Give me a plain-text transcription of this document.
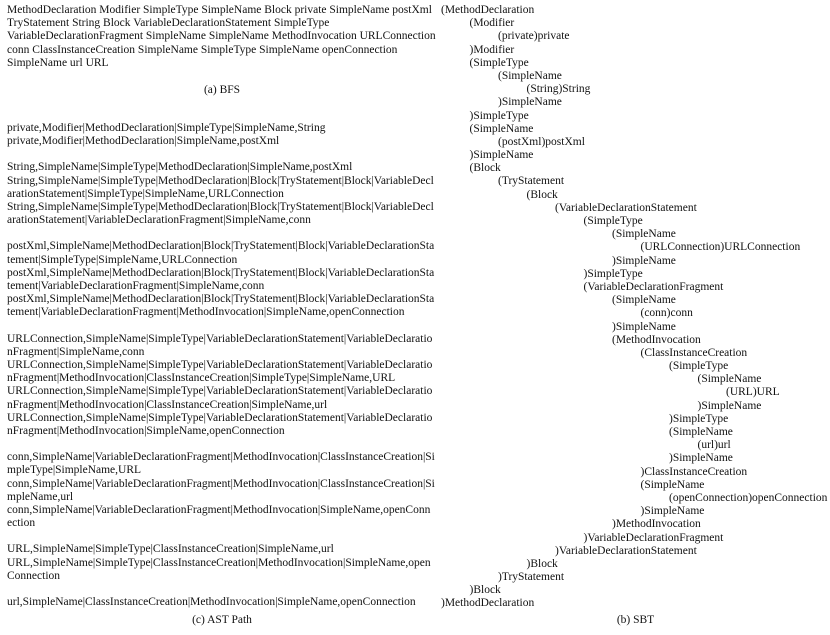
MethodDeclaration Modifier SimpleType SimpleName Block private SimpleName postXml TryStatement String Block VariableDeclarationStatement SimpleType VariableDeclarationFragment SimpleName SimpleName MethodInvocation URLConnection conn ClassInstanceCreation SimpleName SimpleType SimpleName openConnection SimpleName url URL
(a) BFS
private,Modifier|MethodDeclaration|SimpleType|SimpleName,String
private,Modifier|MethodDeclaration|SimpleName,postXml
String,SimpleName|SimpleType|MethodDeclaration|SimpleName,postXml
String,SimpleName|SimpleType|MethodDeclaration|Block|TryStatement|Block|VariableDeclarationStatement|SimpleType|SimpleName,URLConnection
String,SimpleName|SimpleType|MethodDeclaration|Block|TryStatement|Block|VariableDeclarationStatement|VariableDeclarationFragment|SimpleName,conn
postXml,SimpleName|MethodDeclaration|Block|TryStatement|Block|VariableDeclarationStatement|SimpleType|SimpleName,URLConnection
postXml,SimpleName|MethodDeclaration|Block|TryStatement|Block|VariableDeclarationStatement|VariableDeclarationFragment|SimpleName,conn
postXml,SimpleName|MethodDeclaration|Block|TryStatement|Block|VariableDeclarationStatement|VariableDeclarationFragment|MethodInvocation|SimpleName,openConnection
URLConnection,SimpleName|SimpleType|VariableDeclarationStatement|VariableDeclarationFragment|SimpleName,conn
URLConnection,SimpleName|SimpleType|VariableDeclarationStatement|VariableDeclarationFragment|MethodInvocation|ClassInstanceCreation|SimpleType|SimpleName,URL
URLConnection,SimpleName|SimpleType|VariableDeclarationStatement|VariableDeclarationFragment|MethodInvocation|ClassInstanceCreation|SimpleName,url
URLConnection,SimpleName|SimpleType|VariableDeclarationStatement|VariableDeclarationFragment|MethodInvocation|SimpleName,openConnection
conn,SimpleName|VariableDeclarationFragment|MethodInvocation|ClassInstanceCreation|SimpleType|SimpleName,URL
conn,SimpleName|VariableDeclarationFragment|MethodInvocation|ClassInstanceCreation|SimpleName,url
conn,SimpleName|VariableDeclarationFragment|MethodInvocation|SimpleName,openConnection
URL,SimpleName|SimpleType|ClassInstanceCreation|SimpleName,url
URL,SimpleName|SimpleType|ClassInstanceCreation|MethodInvocation|SimpleName,openConnection
url,SimpleName|ClassInstanceCreation|MethodInvocation|SimpleName,openConnection
(c) AST Path
(MethodDeclaration
(Modifier
(private)private
)Modifier
(SimpleType
(SimpleName
(String)String
)SimpleName
)SimpleType
(SimpleName
(postXml)postXml
)SimpleName
(Block
(TryStatement
(Block
(VariableDeclarationStatement
(SimpleType
(SimpleName
(URLConnection)URLConnection
)SimpleName
)SimpleType
(VariableDeclarationFragment
(SimpleName
(conn)conn
)SimpleName
(MethodInvocation
(ClassInstanceCreation
(SimpleType
(SimpleName
(URL)URL
)SimpleName
)SimpleType
(SimpleName
(url)url
)SimpleName
)ClassInstanceCreation
(SimpleName
(openConnection)openConnection
)SimpleName
)MethodInvocation
)VariableDeclarationFragment
)VariableDeclarationStatement
)Block
)TryStatement
)Block
)MethodDeclaration
(b) SBT
